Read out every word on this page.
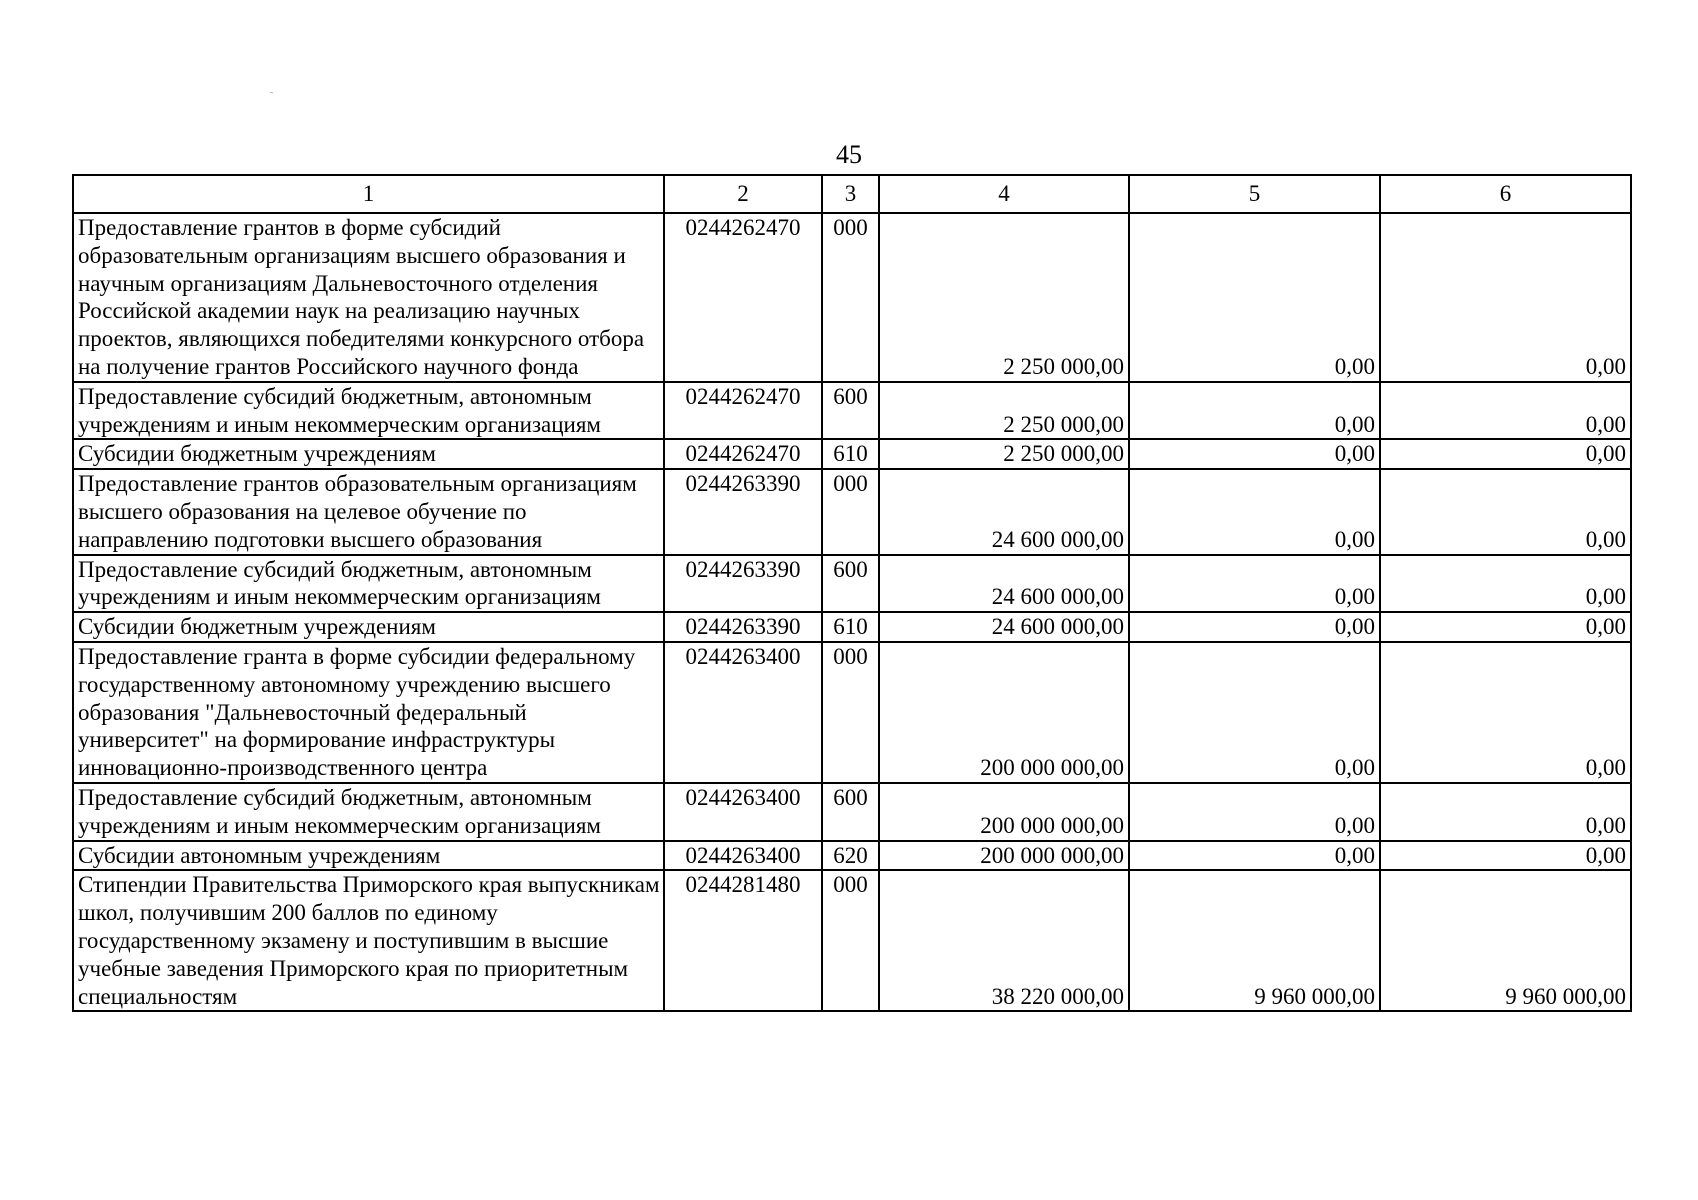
45
1	2	3	4	5	6
Предоставление грантов в форме субсидий образовательным организациям высшего образования и научным организациям Дальневосточного отделения Российской академии наук на реализацию научных проектов, являющихся победителями конкурсного отбора на получение грантов Российского научного фонда	0244262470	000	2 250 000,00	0,00	0,00
Предоставление субсидий бюджетным, автономным учреждениям и иным некоммерческим организациям	0244262470	600	2 250 000,00	0,00	0,00
Субсидии бюджетным учреждениям	0244262470	610	2 250 000,00	0,00	0,00
Предоставление грантов образовательным организациям высшего образования на целевое обучение по направлению подготовки высшего образования	0244263390	000	24 600 000,00	0,00	0,00
Предоставление субсидий бюджетным, автономным учреждениям и иным некоммерческим организациям	0244263390	600	24 600 000,00	0,00	0,00
Субсидии бюджетным учреждениям	0244263390	610	24 600 000,00	0,00	0,00
Предоставление гранта в форме субсидии федеральному государственному автономному учреждению высшего образования "Дальневосточный федеральный университет" на формирование инфраструктуры инновационно-производственного центра	0244263400	000	200 000 000,00	0,00	0,00
Предоставление субсидий бюджетным, автономным учреждениям и иным некоммерческим организациям	0244263400	600	200 000 000,00	0,00	0,00
Субсидии автономным учреждениям	0244263400	620	200 000 000,00	0,00	0,00
Стипендии Правительства Приморского края выпускникам школ, получившим 200 баллов по единому государственному экзамену и поступившим в высшие учебные заведения Приморского края по приоритетным специальностям	0244281480	000	38 220 000,00	9 960 000,00	9 960 000,00
